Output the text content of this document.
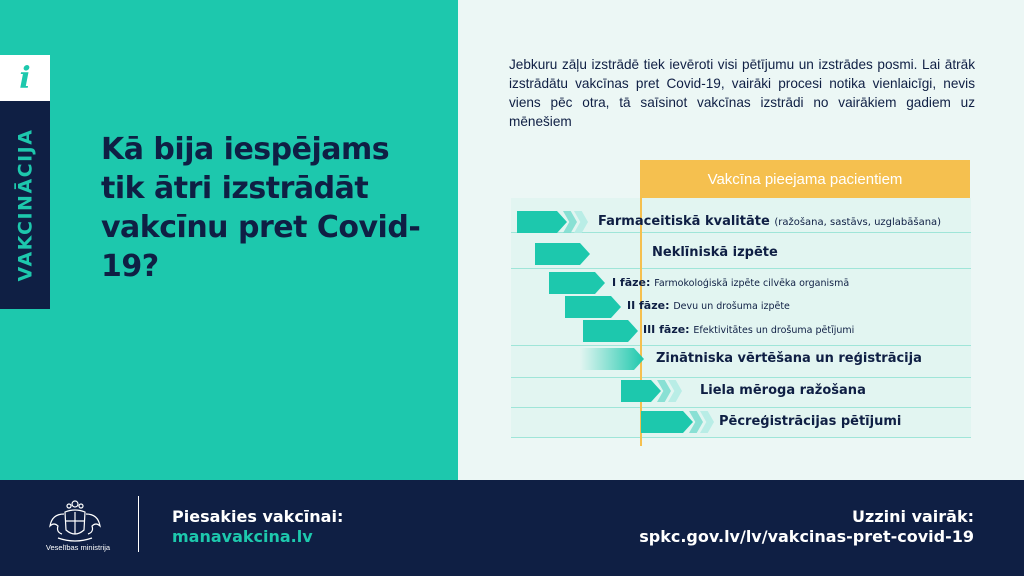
i
VAKCINĀCIJA Kā bija iespējams tik ātri izstrādāt vakcīnu pret Covid-19?
Jebkuru zāļu izstrādē tiek ievēroti visi pētījumu un izstrādes posmi. Lai ātrāk izstrādātu vakcīnas pret Covid-19, vairāki procesi notika vienlaicīgi, nevis viens pēc otra, tā saīsinot vakcīnas izstrādi no vairākiem gadiem uz mēnešiem
Vakcīna pieejama pacientiem
Farmaceitiskā kvalitāte (ražošana, sastāvs, uzglabāšana)
Neklīniskā izpēte
I fāze: Farmokoloģiskā izpēte cilvēka organismā
II fāze: Devu un drošuma izpēte
III fāze: Efektivitātes un drošuma pētījumi
Zinātniska vērtēšana un reģistrācija
Liela mēroga ražošana
Pēcreģistrācijas pētījumi
Veselības ministrija
Piesakies vakcīnai:
manavakcina.lv
Uzzini vairāk:
spkc.gov.lv/lv/vakcinas-pret-covid-19
